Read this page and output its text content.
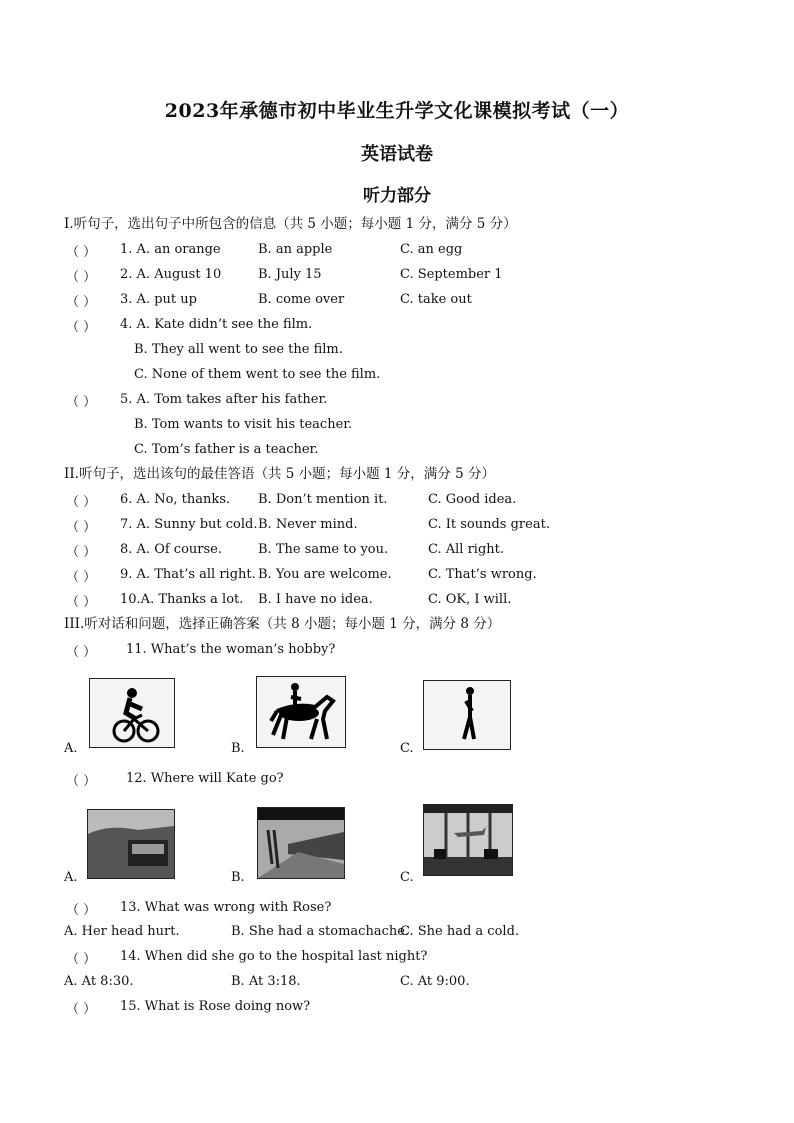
2023年承德市初中毕业生升学文化课模拟考试（一）
英语试卷
听力部分
I.听句子，选出句子中所包含的信息（共 5 小题；每小题 1 分，满分 5 分）
（ ） 1. A. an orange	B. an apple	C. an egg
（ ） 2. A. August 10	B. July 15	C. September 1
（ ） 3. A. put up	B. come over	C. take out
（ ） 4. A. Kate didn’t see the film.
B. They all went to see the film.
C. None of them went to see the film.
（ ） 5. A. Tom takes after his father.
B. Tom wants to visit his teacher.
C. Tom’s father is a teacher.
II.听句子，选出该句的最佳答语（共 5 小题；每小题 1 分，满分 5 分）
（ ） 6. A. No, thanks. B. Don’t mention it.	C. Good idea.
（ ） 7. A. Sunny but cold. B. Never mind.	C. It sounds great.
（ ） 8. A. Of course.	B. The same to you.	C. All right.
（ ） 9. A. That’s all right. B. You are welcome.	C. That’s wrong.
（ ） 10.A. Thanks a lot. B. I have no idea.	C. OK, I will.
III.听对话和问题，选择正确答案（共 8 小题；每小题 1 分，满分 8 分）
（ ） 11. What’s the woman’s hobby?
A.	B.	C.
（ ） 12. Where will Kate go?
A.	B.	C.
（ ） 13. What was wrong with Rose?
A. Her head hurt.	B. She had a stomachache.
C. She had a cold.
（ ） 14. When did she go to the hospital last night?
A. At 8:30.	B. At 3:18.	C. At 9:00.
（ ） 15. What is Rose doing now?
